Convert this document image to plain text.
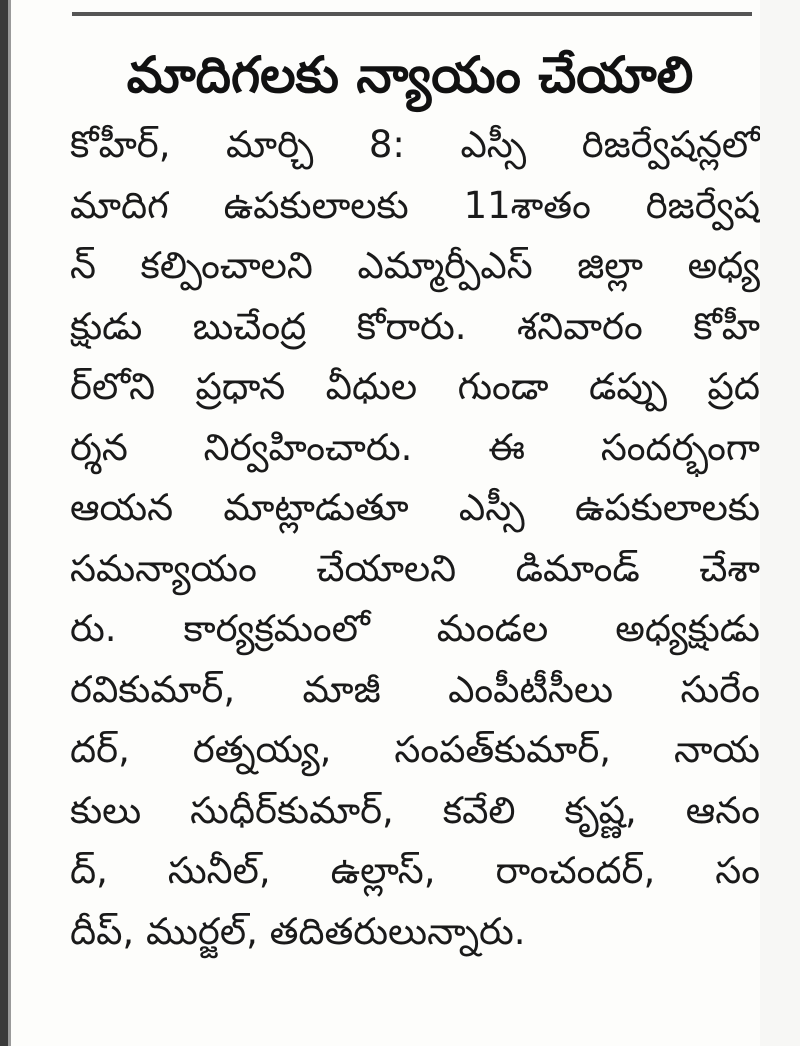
మాదిగలకు న్యాయం చేయాలి
కోహీర్, మార్చి 8: ఎస్సీ రిజర్వేషన్లలో
మాదిగ ఉపకులాలకు 11శాతం రిజర్వేష
న్ కల్పించాలని ఎమ్మార్పీఎస్ జిల్లా అధ్య
క్షుడు బుచేంద్ర కోరారు. శనివారం కోహీ
ర్‌లోని ప్రధాన వీధుల గుండా డప్పు ప్రద
ర్శన నిర్వహించారు. ఈ సందర్భంగా
ఆయన మాట్లాడుతూ ఎస్సీ ఉపకులాలకు
సమన్యాయం చేయాలని డిమాండ్ చేశా
రు. కార్యక్రమంలో మండల అధ్యక్షుడు
రవికుమార్, మాజీ ఎంపీటీసీలు సురేం
దర్, రత్నయ్య, సంపత్‌కుమార్, నాయ
కులు సుధీర్‌కుమార్, కవేలి కృష్ణ, ఆనం
ద్, సునీల్, ఉల్లాస్, రాంచందర్, సం
దీప్, ముర్జల్, తదితరులున్నారు.
